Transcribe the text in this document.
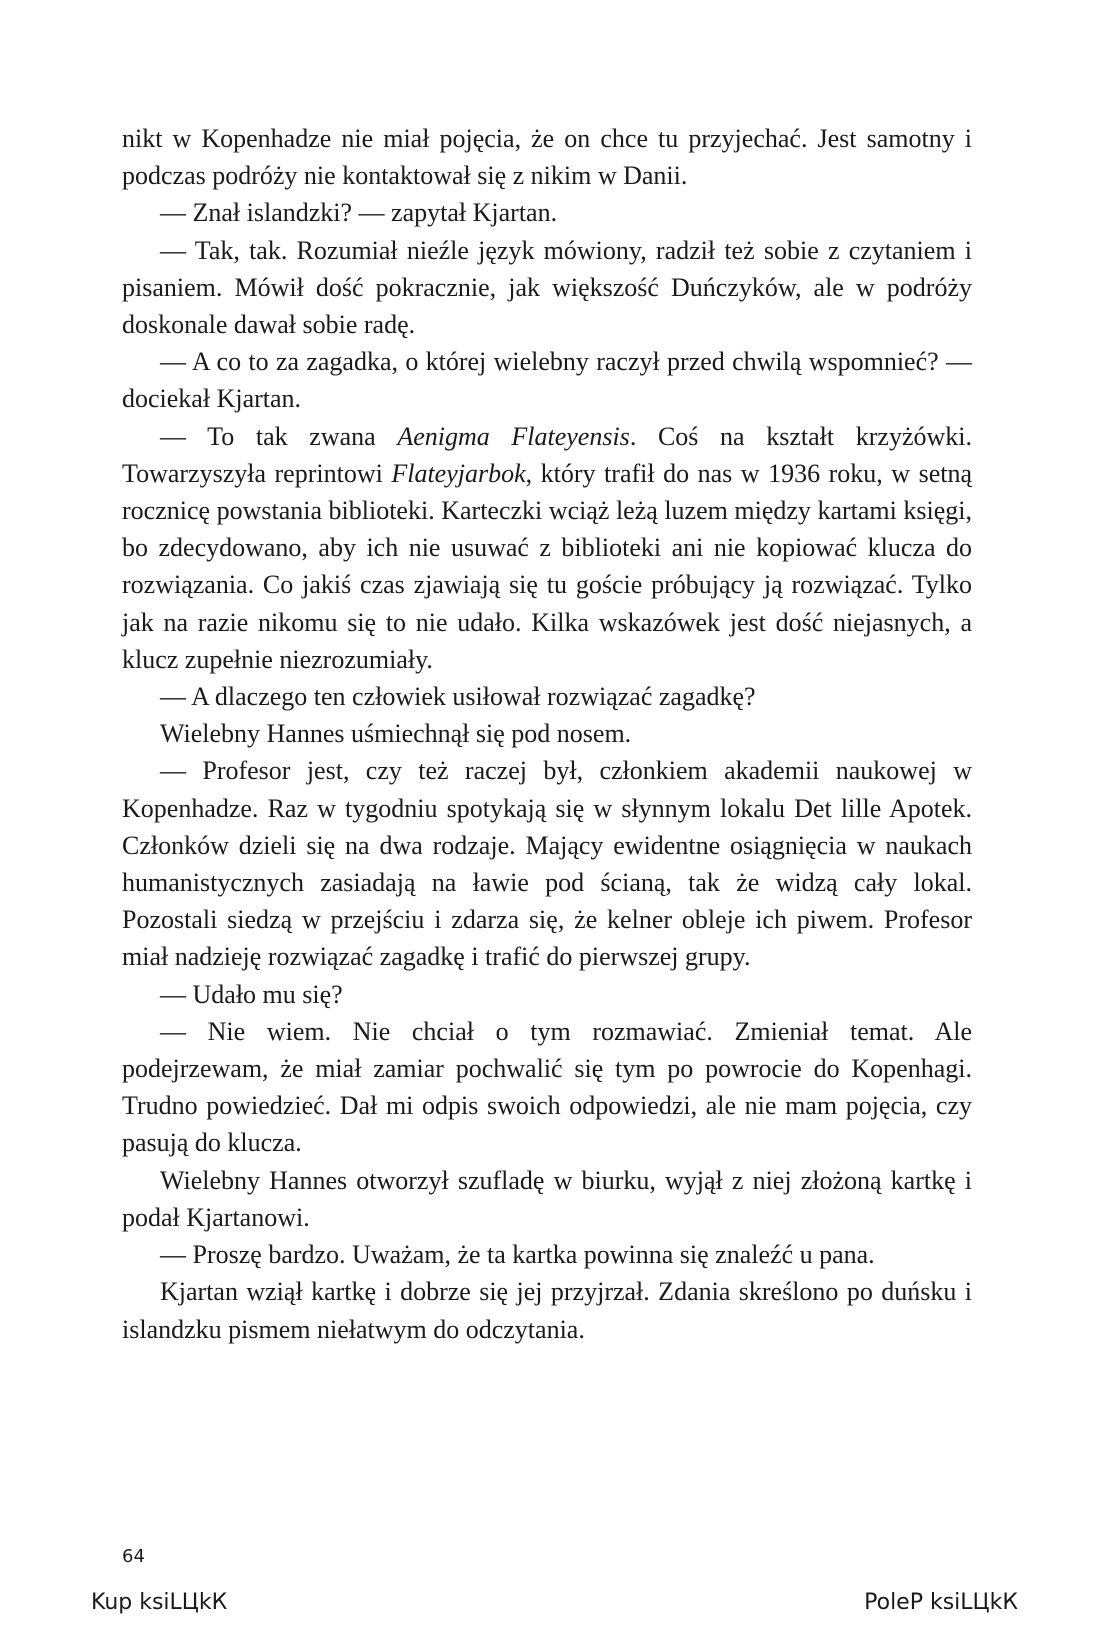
nikt w Kopenhadze nie miał pojęcia, że on chce tu przyjechać. Jest samotny i podczas podróży nie kontaktował się z nikim w Danii.

— Znał islandzki? — zapytał Kjartan.

— Tak, tak. Rozumiał nieźle język mówiony, radził też sobie z czytaniem i pisaniem. Mówił dość pokracznie, jak większość Duńczyków, ale w podróży doskonale dawał sobie radę.

— A co to za zagadka, o której wielebny raczył przed chwilą wspomnieć? — dociekał Kjartan.

— To tak zwana Aenigma Flateyensis. Coś na kształt krzyżówki. Towarzyszyła reprintowi Flateyjarbok, który trafił do nas w 1936 roku, w setną rocznicę powstania biblioteki. Karteczki wciąż leżą luzem między kartami księgi, bo zdecydowano, aby ich nie usuwać z biblioteki ani nie kopiować klucza do rozwiązania. Co jakiś czas zjawiają się tu goście próbujący ją rozwiązać. Tylko jak na razie nikomu się to nie udało. Kilka wskazówek jest dość niejasnych, a klucz zupełnie niezrozumiały.

— A dlaczego ten człowiek usiłował rozwiązać zagadkę?

Wielebny Hannes uśmiechnął się pod nosem.

— Profesor jest, czy też raczej był, członkiem akademii naukowej w Kopenhadze. Raz w tygodniu spotykają się w słynnym lokalu Det lille Apotek. Członków dzieli się na dwa rodzaje. Mający ewidentne osiągnięcia w naukach humanistycznych zasiadają na ławie pod ścianą, tak że widzą cały lokal. Pozostali siedzą w przejściu i zdarza się, że kelner obleje ich piwem. Profesor miał nadzieję rozwiązać zagadkę i trafić do pierwszej grupy.

— Udało mu się?

— Nie wiem. Nie chciał o tym rozmawiać. Zmieniał temat. Ale podejrzewam, że miał zamiar pochwalić się tym po powrocie do Kopenhagi. Trudno powiedzieć. Dał mi odpis swoich odpowiedzi, ale nie mam pojęcia, czy pasują do klucza.

Wielebny Hannes otworzył szufladę w biurku, wyjął z niej złożoną kartkę i podał Kjartanowi.

— Proszę bardzo. Uważam, że ta kartka powinna się znaleźć u pana.

Kjartan wziął kartkę i dobrze się jej przyjrzał. Zdania skreślono po duńsku i islandzku pismem niełatwym do odczytania.

64
Kup ksiLЦkК	PoleР ksiLЦkК
